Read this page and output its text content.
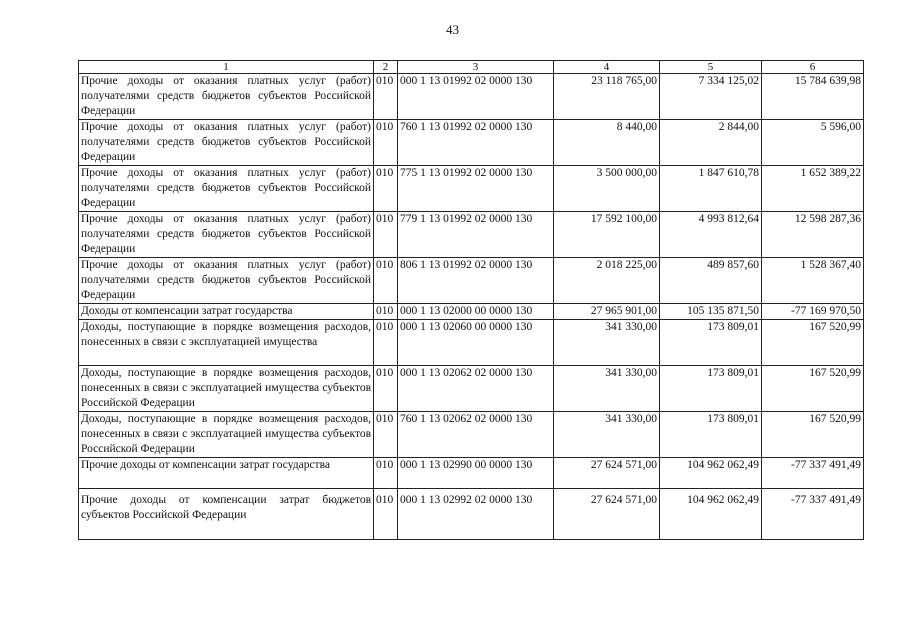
43
1	2	3	4	5	6
Прочие доходы от оказания платных услуг (работ) получателями средств бюджетов субъектов Российской Федерации	010	000 1 13 01992 02 0000 130	23 118 765,00	7 334 125,02	15 784 639,98
Прочие доходы от оказания платных услуг (работ) получателями средств бюджетов субъектов Российской Федерации	010	760 1 13 01992 02 0000 130	8 440,00	2 844,00	5 596,00
Прочие доходы от оказания платных услуг (работ) получателями средств бюджетов субъектов Российской Федерации	010	775 1 13 01992 02 0000 130	3 500 000,00	1 847 610,78	1 652 389,22
Прочие доходы от оказания платных услуг (работ) получателями средств бюджетов субъектов Российской Федерации	010	779 1 13 01992 02 0000 130	17 592 100,00	4 993 812,64	12 598 287,36
Прочие доходы от оказания платных услуг (работ) получателями средств бюджетов субъектов Российской Федерации	010	806 1 13 01992 02 0000 130	2 018 225,00	489 857,60	1 528 367,40
Доходы от компенсации затрат государства	010	000 1 13 02000 00 0000 130	27 965 901,00	105 135 871,50	-77 169 970,50
Доходы, поступающие в порядке возмещения расходов, понесенных в связи с эксплуатацией имущества	010	000 1 13 02060 00 0000 130	341 330,00	173 809,01	167 520,99
Доходы, поступающие в порядке возмещения расходов, понесенных в связи с эксплуатацией имущества субъектов Российской Федерации	010	000 1 13 02062 02 0000 130	341 330,00	173 809,01	167 520,99
Доходы, поступающие в порядке возмещения расходов, понесенных в связи с эксплуатацией имущества субъектов Российской Федерации	010	760 1 13 02062 02 0000 130	341 330,00	173 809,01	167 520,99
Прочие доходы от компенсации затрат государства	010	000 1 13 02990 00 0000 130	27 624 571,00	104 962 062,49	-77 337 491,49
Прочие доходы от компенсации затрат бюджетов субъектов Российской Федерации	010	000 1 13 02992 02 0000 130	27 624 571,00	104 962 062,49	-77 337 491,49
